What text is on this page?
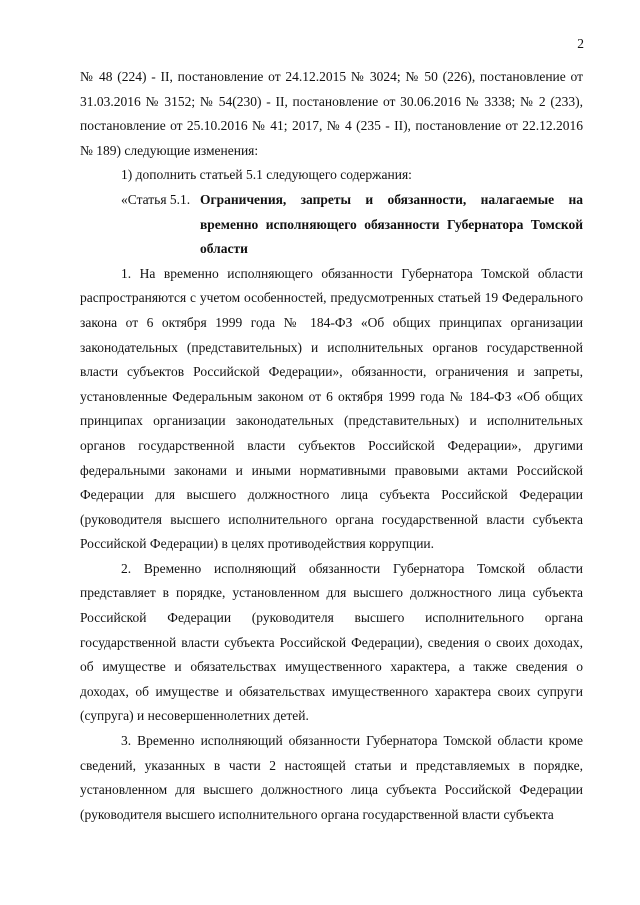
2

№ 48 (224) - II, постановление от 24.12.2015 № 3024; № 50 (226), постановление от 31.03.2016 № 3152; № 54(230) - II, постановление от 30.06.2016 № 3338; № 2 (233), постановление от 25.10.2016 № 41; 2017, № 4 (235 - II), постановление от 22.12.2016 № 189) следующие изменения:

1) дополнить статьей 5.1 следующего содержания:

«Статья 5.1. Ограничения, запреты и обязанности, налагаемые на временно исполняющего обязанности Губернатора Томской области

1. На временно исполняющего обязанности Губернатора Томской области распространяются с учетом особенностей, предусмотренных статьей 19 Федерального закона от 6 октября 1999 года № 184-ФЗ «Об общих принципах организации законодательных (представительных) и исполнительных органов государственной власти субъектов Российской Федерации», обязанности, ограничения и запреты, установленные Федеральным законом от 6 октября 1999 года № 184-ФЗ «Об общих принципах организации законодательных (представительных) и исполнительных органов государственной власти субъектов Российской Федерации», другими федеральными законами и иными нормативными правовыми актами Российской Федерации для высшего должностного лица субъекта Российской Федерации (руководителя высшего исполнительного органа государственной власти субъекта Российской Федерации) в целях противодействия коррупции.

2. Временно исполняющий обязанности Губернатора Томской области представляет в порядке, установленном для высшего должностного лица субъекта Российской Федерации (руководителя высшего исполнительного органа государственной власти субъекта Российской Федерации), сведения о своих доходах, об имуществе и обязательствах имущественного характера, а также сведения о доходах, об имуществе и обязательствах имущественного характера своих супруги (супруга) и несовершеннолетних детей.

3. Временно исполняющий обязанности Губернатора Томской области кроме сведений, указанных в части 2 настоящей статьи и представляемых в порядке, установленном для высшего должностного лица субъекта Российской Федерации (руководителя высшего исполнительного органа государственной власти субъекта
